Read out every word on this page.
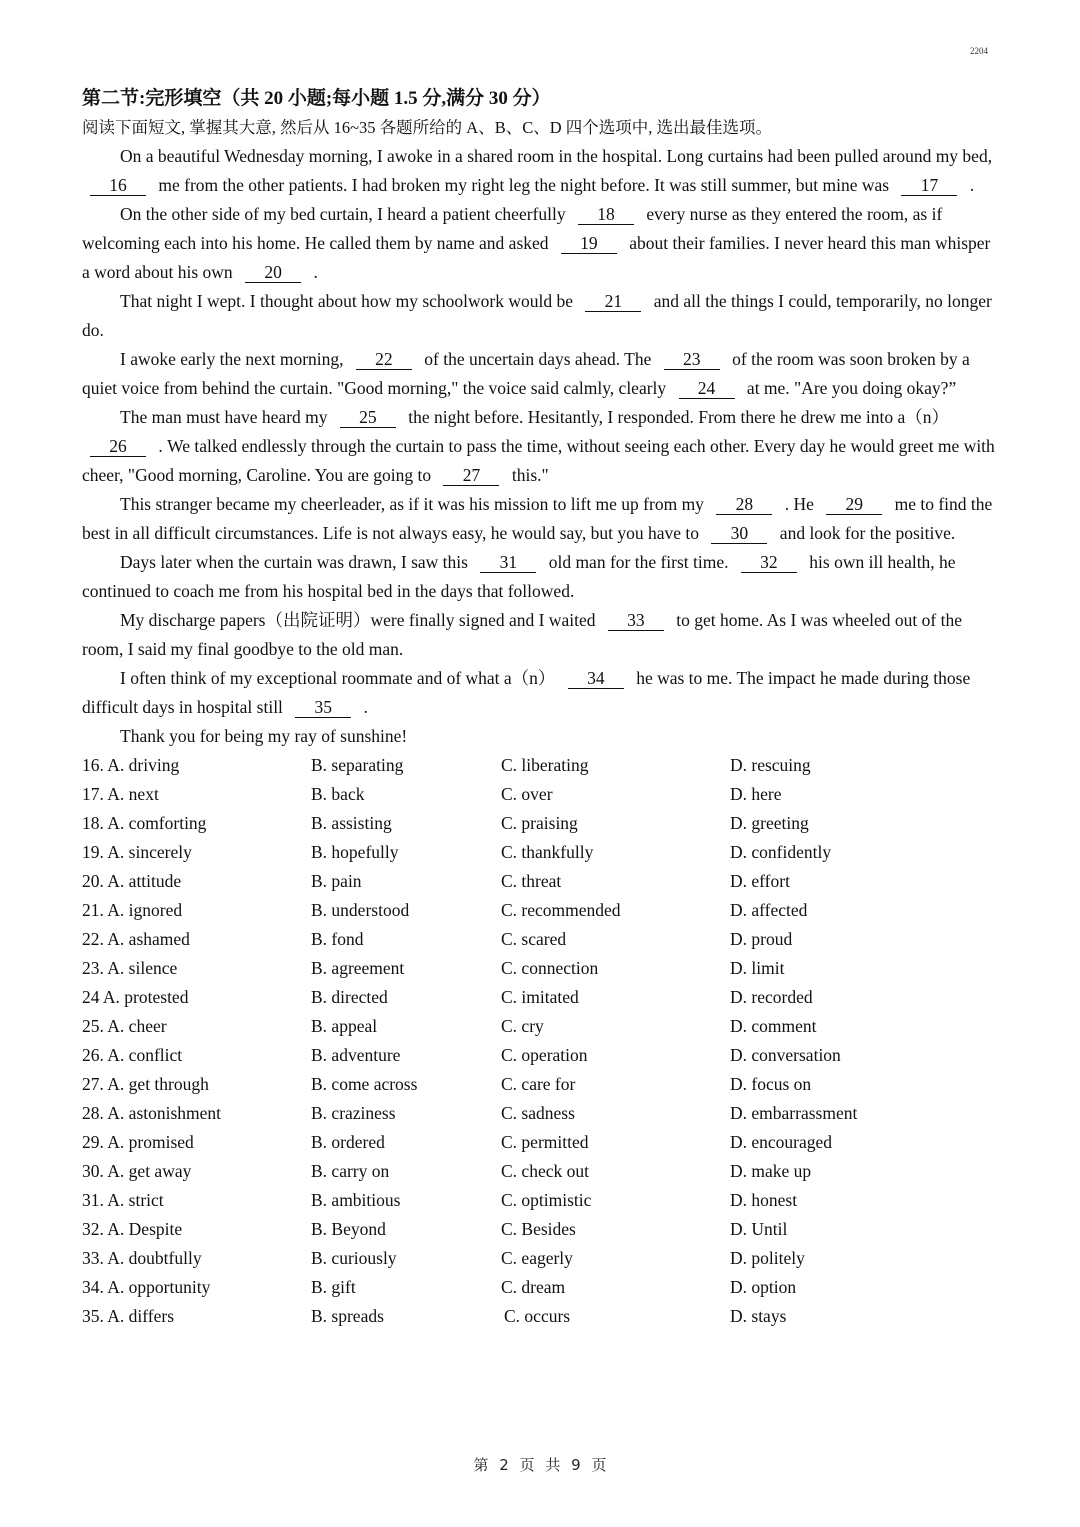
2204
第二节:完形填空（共 20 小题;每小题 1.5 分,满分 30 分）
阅读下面短文, 掌握其大意, 然后从 16~35 各题所给的 A、B、C、D 四个选项中, 选出最佳选项。

On a beautiful Wednesday morning, I awoke in a shared room in the hospital. Long curtains had been pulled around my bed, 16 me from the other patients. I had broken my right leg the night before. It was still summer, but mine was 17 .

On the other side of my bed curtain, I heard a patient cheerfully 18 every nurse as they entered the room, as if welcoming each into his home. He called them by name and asked 19 about their families. I never heard this man whisper a word about his own 20 .

That night I wept. I thought about how my schoolwork would be 21 and all the things I could, temporarily, no longer do.

I awoke early the next morning, 22 of the uncertain days ahead. The 23 of the room was soon broken by a quiet voice from behind the curtain. "Good morning," the voice said calmly, clearly 24 at me. "Are you doing okay?”

The man must have heard my 25 the night before. Hesitantly, I responded. From there he drew me into a（n） 26 . We talked endlessly through the curtain to pass the time, without seeing each other. Every day he would greet me with cheer, "Good morning, Caroline. You are going to 27 this."

This stranger became my cheerleader, as if it was his mission to lift me up from my 28 . He 29 me to find the best in all difficult circumstances. Life is not always easy, he would say, but you have to 30 and look for the positive.

Days later when the curtain was drawn, I saw this 31 old man for the first time. 32 his own ill health, he continued to coach me from his hospital bed in the days that followed.

My discharge papers（出院证明）were finally signed and I waited 33 to get home. As I was wheeled out of the room, I said my final goodbye to the old man.

I often think of my exceptional roommate and of what a（n） 34 he was to me. The impact he made during those difficult days in hospital still 35 .

Thank you for being my ray of sunshine!

16. A. driving	B. separating	C. liberating	D. rescuing
17. A. next	B. back	C. over	D. here
18. A. comforting	B. assisting	C. praising	D. greeting
19. A. sincerely	B. hopefully	C. thankfully	D. confidently
20. A. attitude	B. pain	C. threat	D. effort
21. A. ignored	B. understood	C. recommended	D. affected
22. A. ashamed	B. fond	C. scared	D. proud
23. A. silence	B. agreement	C. connection	D. limit
24 A. protested	B. directed	C. imitated	D. recorded
25. A. cheer	B. appeal	C. cry	D. comment
26. A. conflict	B. adventure	C. operation	D. conversation
27. A. get through	B. come across	C. care for	D. focus on
28. A. astonishment	B. craziness	C. sadness	D. embarrassment
29. A. promised	B. ordered	C. permitted	D. encouraged
30. A. get away	B. carry on	C. check out	D. make up
31. A. strict	B. ambitious	C. optimistic	D. honest
32. A. Despite	B. Beyond	C. Besides	D. Until
33. A. doubtfully	B. curiously	C. eagerly	D. politely
34. A. opportunity	B. gift	C. dream	D. option
35. A. differs	B. spreads	C. occurs	D. stays
第 2 页 共 9 页
